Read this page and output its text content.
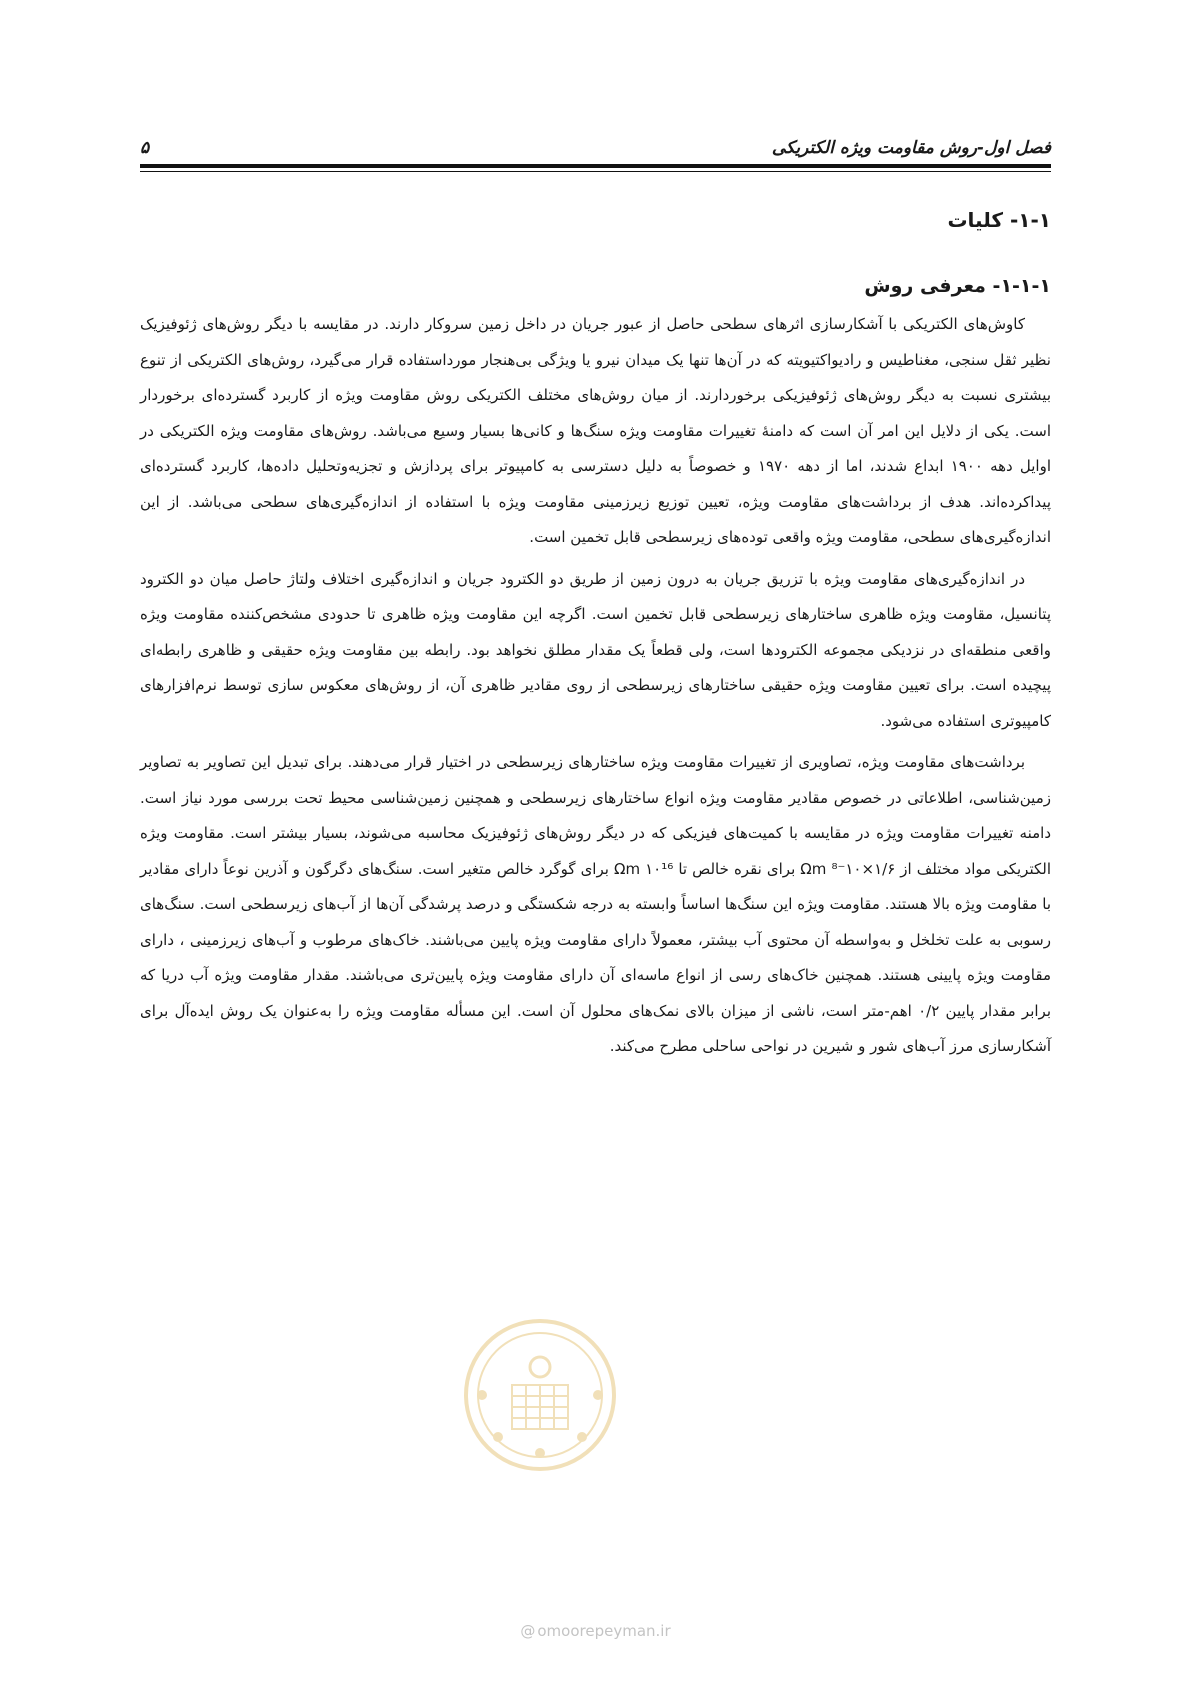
فصل اول-روش مقاومت ویژه الکتریکی
۵
۱-۱- کلیات
۱-۱-۱- معرفی روش

کاوش‌های الکتریکی با آشکارسازی اثرهای سطحی حاصل از عبور جریان در داخل زمین سروکار دارند. در مقایسه با دیگر روش‌های ژئوفیزیک نظیر ثقل سنجی، مغناطیس و رادیواکتیویته که در آن‌ها تنها یک میدان نیرو یا ویژگی بی‌هنجار مورداستفاده قرار می‌گیرد، روش‌های الکتریکی از تنوع بیشتری نسبت به دیگر روش‌های ژئوفیزیکی برخوردارند. از میان روش‌های مختلف الکتریکی روش مقاومت ویژه از کاربرد گسترده‌ای برخوردار است. یکی از دلایل این امر آن است که دامنهٔ تغییرات مقاومت ویژه سنگ‌ها و کانی‌ها بسیار وسیع می‌باشد. روش‌های مقاومت ویژه الکتریکی در اوایل دهه ۱۹۰۰ ابداع شدند، اما از دهه ۱۹۷۰ و خصوصاً به دلیل دسترسی به کامپیوتر برای پردازش و تجزیه‌وتحلیل داده‌ها، کاربرد گسترده‌ای پیداکرده‌اند. هدف از برداشت‌های مقاومت ویژه، تعیین توزیع زیرزمینی مقاومت ویژه با استفاده از اندازه‌گیری‌های سطحی می‌باشد. از این اندازه‌گیری‌های سطحی، مقاومت ویژه واقعی توده‌های زیرسطحی قابل تخمین است.

در اندازه‌گیری‌های مقاومت ویژه با تزریق جریان به درون زمین از طریق دو الکترود جریان و اندازه‌گیری اختلاف ولتاژ حاصل میان دو الکترود پتانسیل، مقاومت ویژه ظاهری ساختارهای زیرسطحی قابل تخمین است. اگرچه این مقاومت ویژه ظاهری تا حدودی مشخص‌کننده مقاومت ویژه واقعی منطقه‌ای در نزدیکی مجموعه الکترودها است، ولی قطعاً یک مقدار مطلق نخواهد بود. رابطه بین مقاومت ویژه حقیقی و ظاهری رابطه‌ای پیچیده است. برای تعیین مقاومت ویژه حقیقی ساختارهای زیرسطحی از روی مقادیر ظاهری آن، از روش‌های معکوس سازی توسط نرم‌افزارهای کامپیوتری استفاده می‌شود.

برداشت‌های مقاومت ویژه، تصاویری از تغییرات مقاومت ویژه ساختارهای زیرسطحی در اختیار قرار می‌دهند. برای تبدیل این تصاویر به تصاویر زمین‌شناسی، اطلاعاتی در خصوص مقادیر مقاومت ویژه انواع ساختارهای زیرسطحی و همچنین زمین‌شناسی محیط تحت بررسی مورد نیاز است. دامنه تغییرات مقاومت ویژه در مقایسه با کمیت‌های فیزیکی که در دیگر روش‌های ژئوفیزیک محاسبه می‌شوند، بسیار بیشتر است. مقاومت ویژه الکتریکی مواد مختلف از ۱/۶×۱۰⁻⁸ Ωm برای نقره خالص تا ۱۰¹⁶ Ωm برای گوگرد خالص متغیر است. سنگ‌های دگرگون و آذرین نوعاً دارای مقادیر با مقاومت ویژه بالا هستند. مقاومت ویژه این سنگ‌ها اساساً وابسته به درجه شکستگی و درصد پرشدگی آن‌ها از آب‌های زیرسطحی است. سنگ‌های رسوبی به علت تخلخل و به‌واسطه آن محتوی آب بیشتر، معمولاً دارای مقاومت ویژه پایین می‌باشند. خاک‌های مرطوب و آب‌های زیرزمینی ، دارای مقاومت ویژه پایینی هستند. همچنین خاک‌های رسی از انواع ماسه‌ای آن دارای مقاومت ویژه پایین‌تری می‌باشند. مقدار مقاومت ویژه آب دریا که برابر مقدار پایین ۰/۲ اهم-متر است، ناشی از میزان بالای نمک‌های محلول آن است. این مسأله مقاومت ویژه را به‌عنوان یک روش ایده‌آل برای آشکارسازی مرز آب‌های شور و شیرین در نواحی ساحلی مطرح می‌کند.

@ omoorepeyman.ir
